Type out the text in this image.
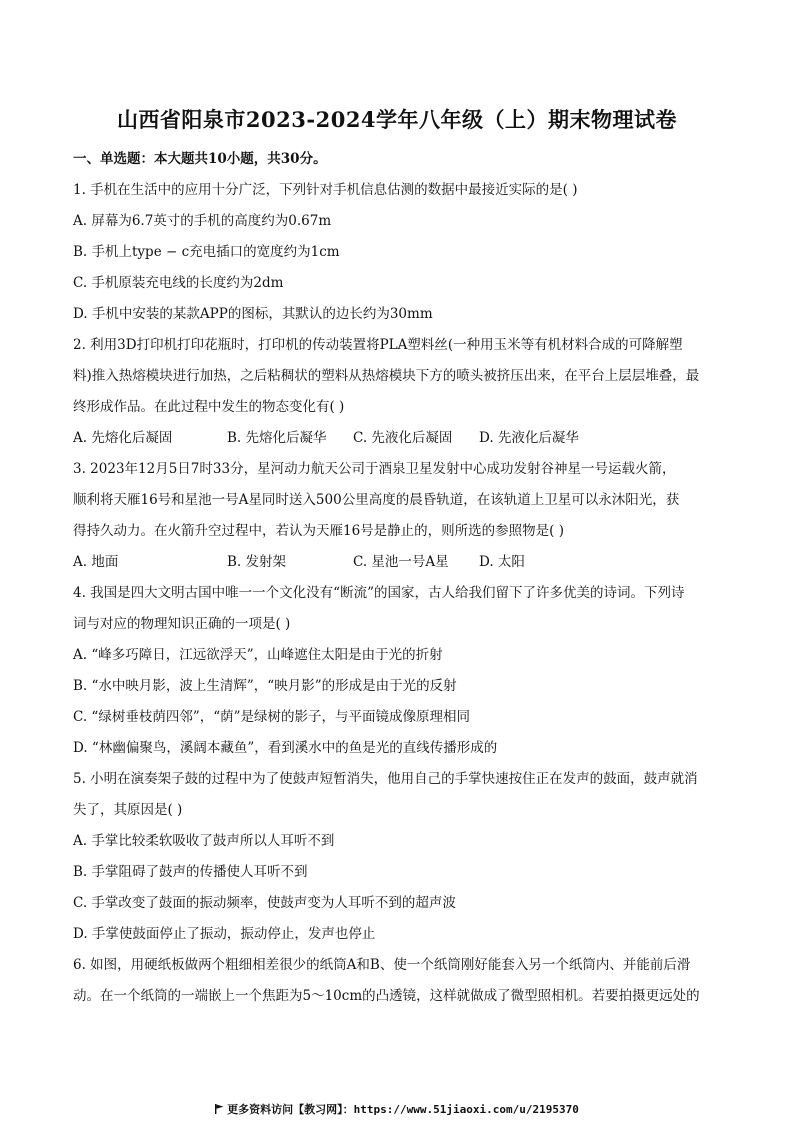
山西省阳泉市2023-2024学年八年级（上）期末物理试卷
一、单选题：本大题共10小题，共30分。
1. 手机在生活中的应用十分广泛，下列针对手机信息估测的数据中最接近实际的是( )
A. 屏幕为6.7英寸的手机的高度约为0.67m
B. 手机上type − c充电插口的宽度约为1cm
C. 手机原装充电线的长度约为2dm
D. 手机中安装的某款APP的图标，其默认的边长约为30mm
2. 利用3D打印机打印花瓶时，打印机的传动装置将PLA塑料丝(一种用玉米等有机材料合成的可降解塑
料)推入热熔模块进行加热，之后粘稠状的塑料从热熔模块下方的喷头被挤压出来，在平台上层层堆叠，最
终形成作品。在此过程中发生的物态变化有( )
A. 先熔化后凝固	B. 先熔化后凝华 C. 先液化后凝固 D. 先液化后凝华
3. 2023年12月5日7时33分，星河动力航天公司于酒泉卫星发射中心成功发射谷神星一号运载火箭，
顺利将天雁16号和星池一号A星同时送入500公里高度的晨昏轨道，在该轨道上卫星可以永沐阳光，获
得持久动力。在火箭升空过程中，若认为天雁16号是静止的，则所选的参照物是( )
A. 地面	B. 发射架	C. 星池一号A星 D. 太阳
4. 我国是四大文明古国中唯一一个文化没有“断流”的国家，古人给我们留下了许多优美的诗词。下列诗
词与对应的物理知识正确的一项是( )
A. “峰多巧障日，江远欲浮天”，山峰遮住太阳是由于光的折射
B. “水中映月影，波上生清辉”，“映月影”的形成是由于光的反射
C. “绿树垂枝荫四邻”，“荫”是绿树的影子，与平面镜成像原理相同
D. “林幽偏聚鸟，溪阔本藏鱼”，看到溪水中的鱼是光的直线传播形成的
5. 小明在演奏架子鼓的过程中为了使鼓声短暂消失，他用自己的手掌快速按住正在发声的鼓面，鼓声就消
失了，其原因是( )
A. 手掌比较柔软吸收了鼓声所以人耳听不到
B. 手掌阻碍了鼓声的传播使人耳听不到
C. 手掌改变了鼓面的振动频率，使鼓声变为人耳听不到的超声波
D. 手掌使鼓面停止了振动，振动停止，发声也停止
6. 如图，用硬纸板做两个粗细相差很少的纸筒A和B、使一个纸筒刚好能套入另一个纸筒内、并能前后滑
动。在一个纸筒的一端嵌上一个焦距为5～10cm的凸透镜，这样就做成了微型照相机。若要拍摄更远处的
更多资料访问【教习网】：https://www.51jiaoxi.com/u/2195370
